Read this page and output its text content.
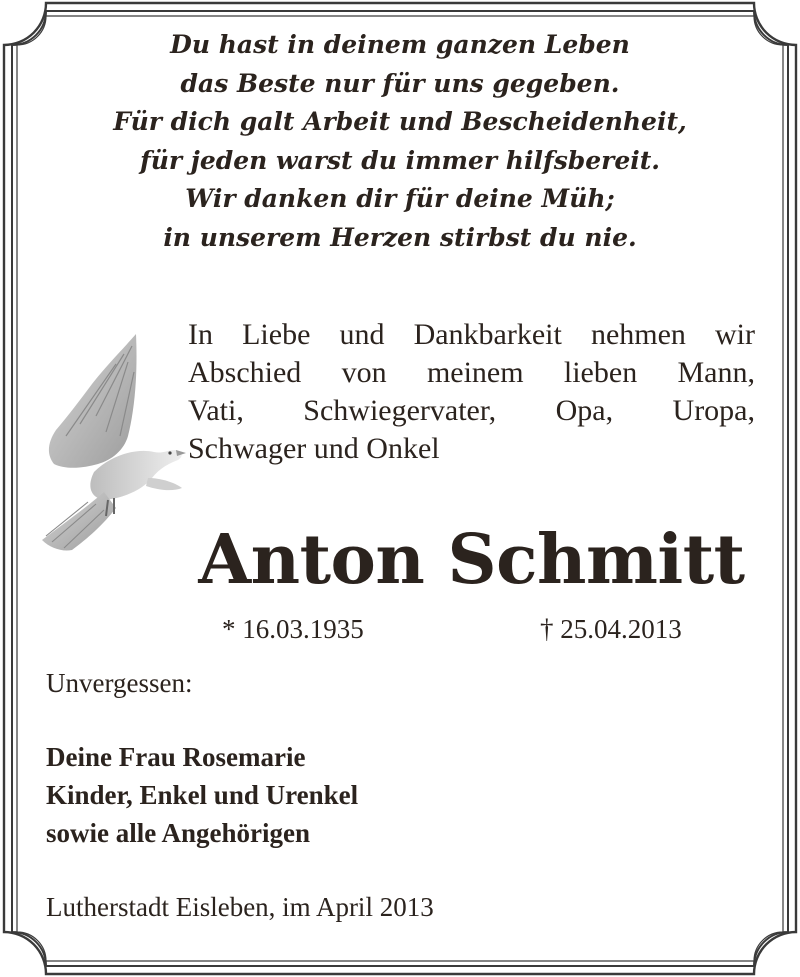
Du hast in deinem ganzen Leben
das Beste nur für uns gegeben.
Für dich galt Arbeit und Bescheidenheit,
für jeden warst du immer hilfsbereit.
Wir danken dir für deine Müh;
in unserem Herzen stirbst du nie.
In Liebe und Dankbarkeit nehmen wir
Abschied von meinem lieben Mann,
Vati, Schwiegervater, Opa, Uropa,
Schwager und Onkel
Anton Schmitt
* 16.03.1935	† 25.04.2013
Unvergessen:
Deine Frau Rosemarie
Kinder, Enkel und Urenkel
sowie alle Angehörigen
Lutherstadt Eisleben, im April 2013
